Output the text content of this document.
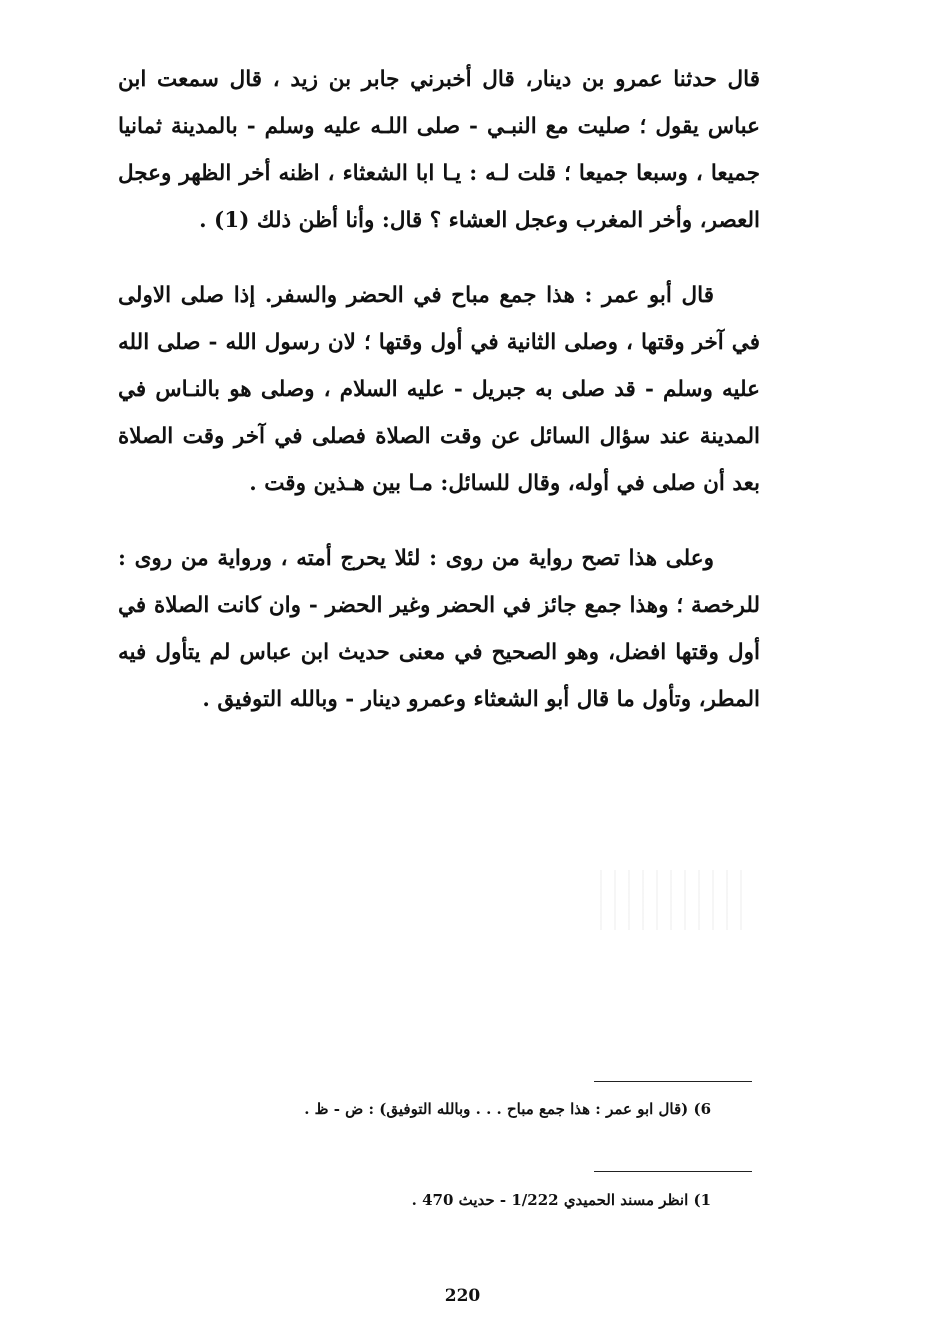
قال حدثنا عمرو بن دينار، قال أخبرني جابر بن زيد ، قال سمعت ابن عباس يقول ؛ صليت مع النبـي - صلى اللـه عليه وسلم - بالمدينة ثمانيا جميعا ، وسبعا جميعا ؛ قلت لـه : يـا ابا الشعثاء ، اظنه أخر الظهر وعجل العصر، وأخر المغرب وعجل العشاء ؟ قال: وأنا أظن ذلك (1) .

قال أبو عمر : هذا جمع مباح في الحضر والسفر. إذا صلى الاولى في آخر وقتها ، وصلى الثانية في أول وقتها ؛ لان رسول الله - صلى الله عليه وسلم - قد صلى به جبريل - عليه السلام ، وصلى هو بالنـاس في المدينة عند سؤال السائل عن وقت الصلاة فصلى في آخر وقت الصلاة بعد أن صلى في أوله، وقال للسائل: مـا بين هـذين وقت .

وعلى هذا تصح رواية من روى : لئلا يحرج أمته ، ورواية من روى : للرخصة ؛ وهذا جمع جائز في الحضر وغير الحضر - وان كانت الصلاة في أول وقتها افضل، وهو الصحيح في معنى حديث ابن عباس لم يتأول فيه المطر، وتأول ما قال أبو الشعثاء وعمرو دينار - وبالله التوفيق .

6) (قال ابو عمر : هذا جمع مباح . . . وبالله التوفيق) : ض - ظ .
1) انظر مسند الحميدي 1/222 - حديث 470 .
220
